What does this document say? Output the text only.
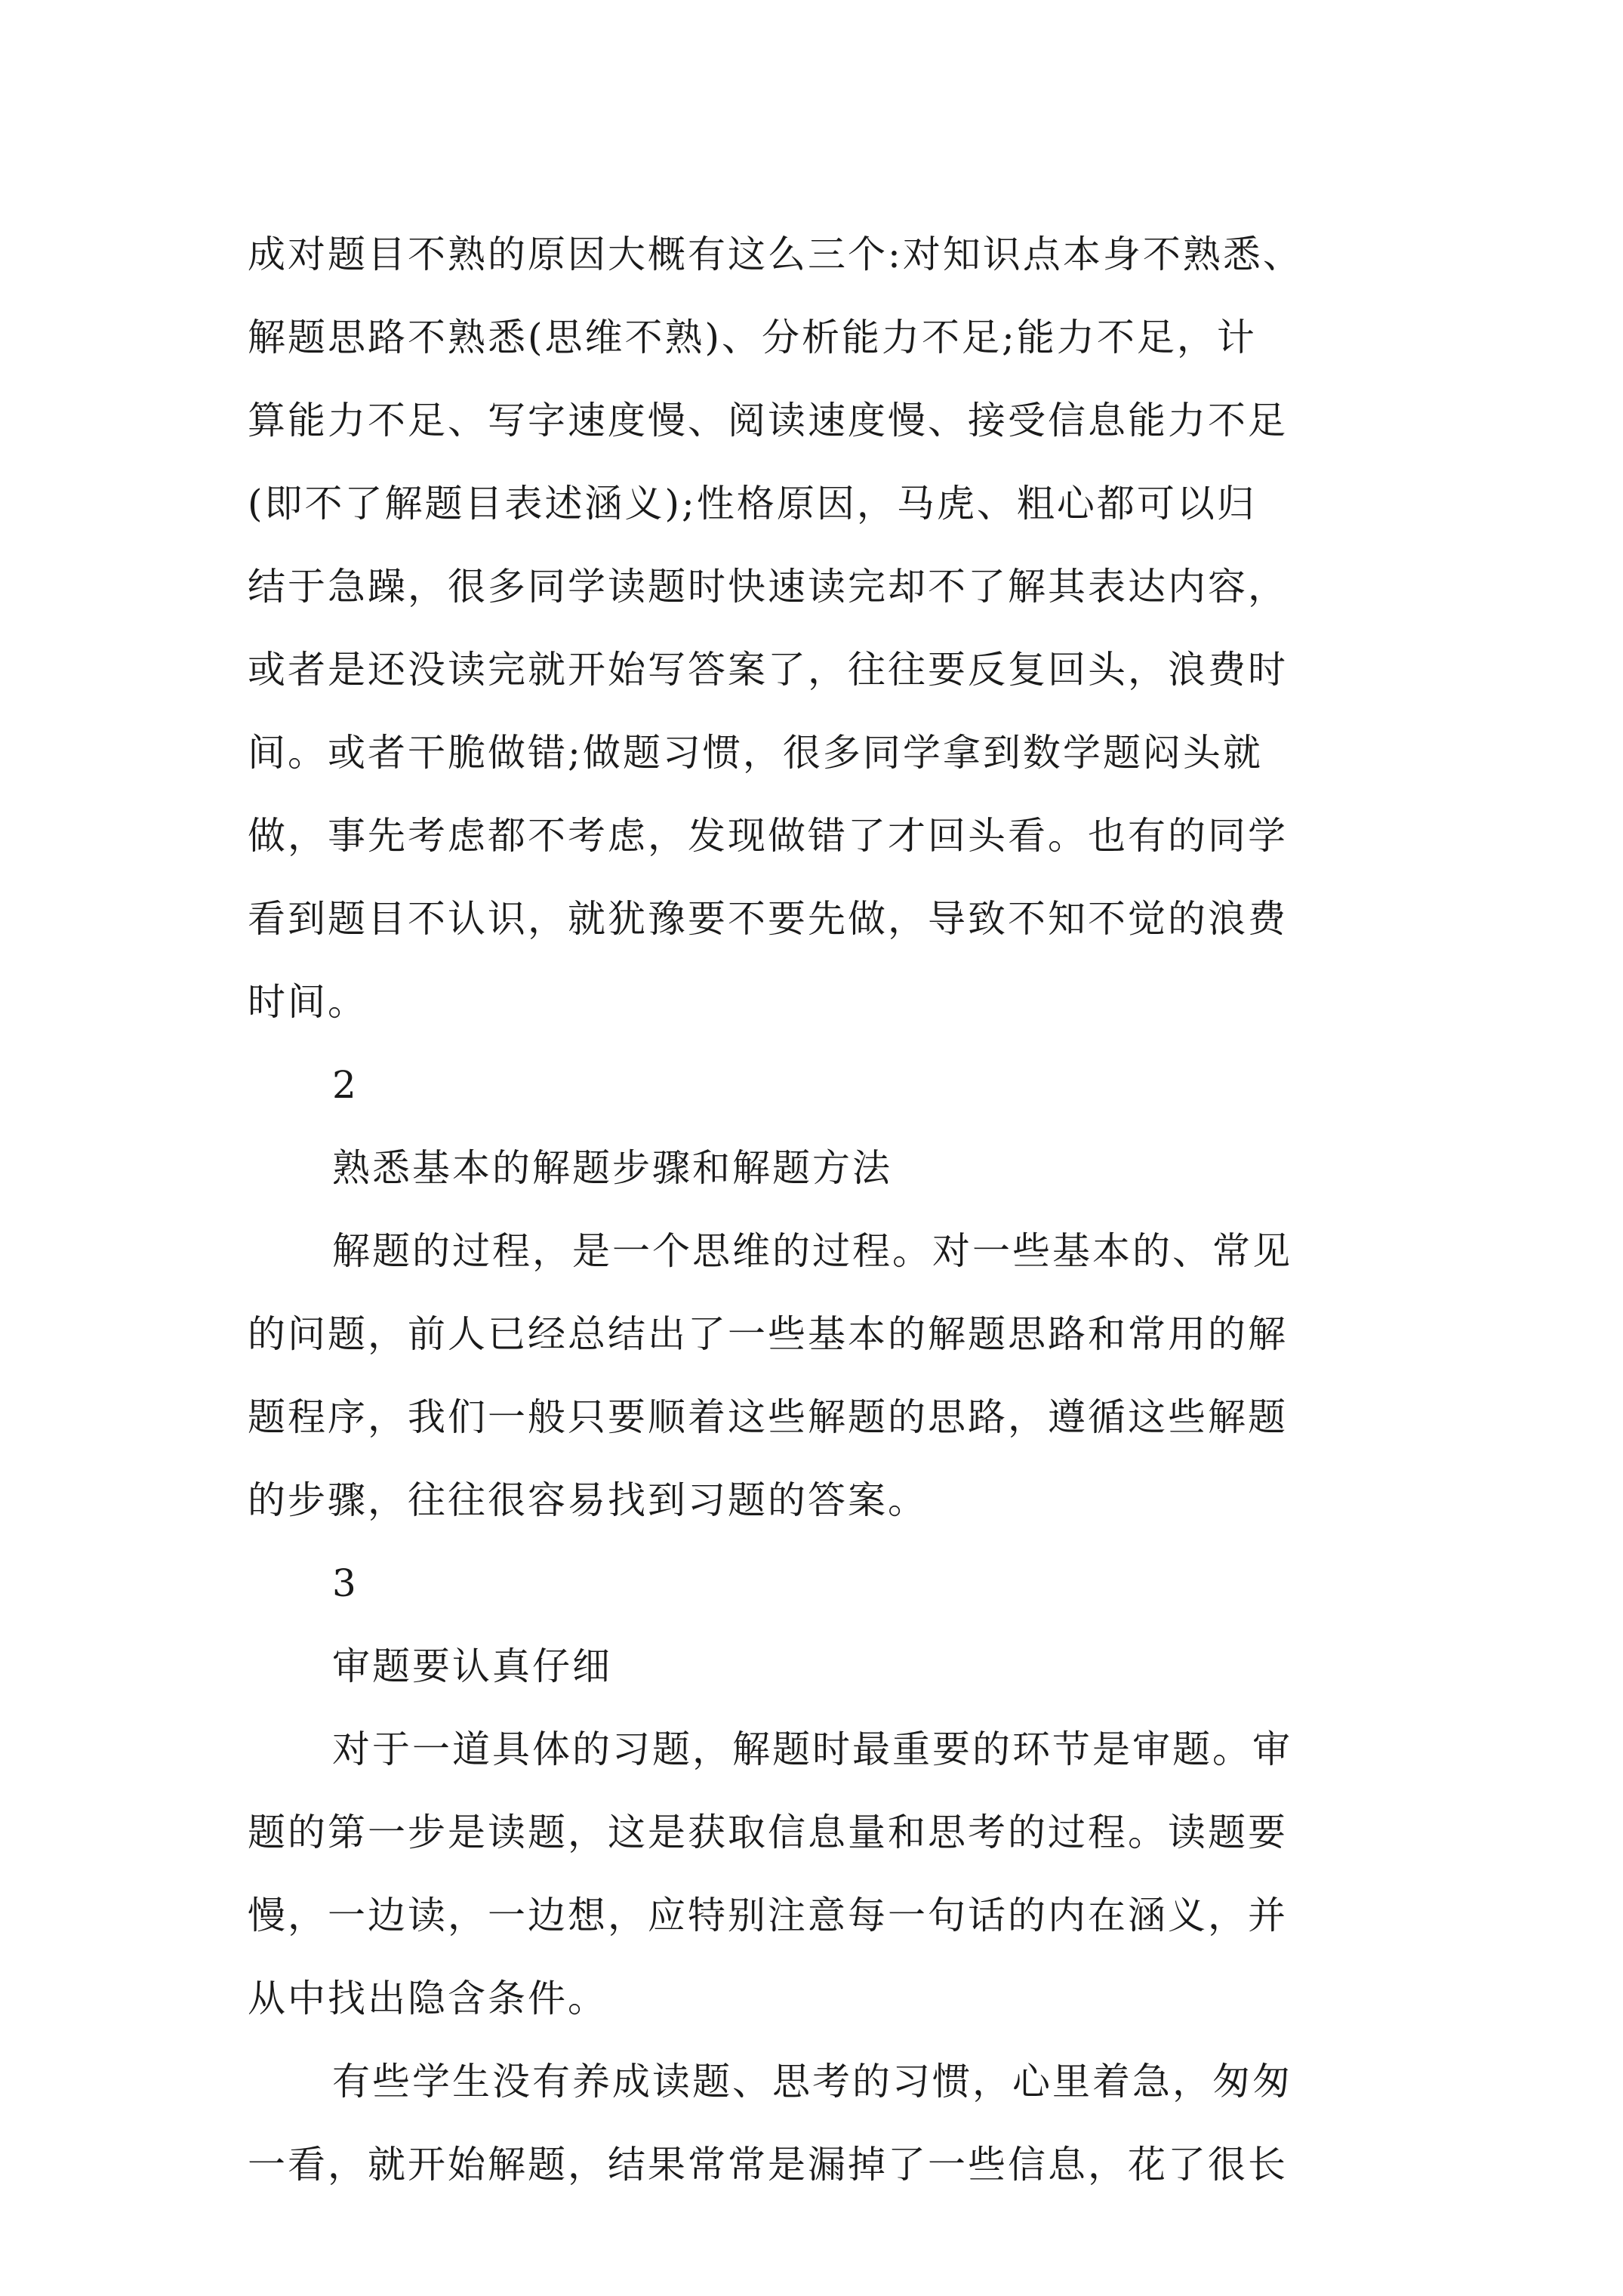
成对题目不熟的原因大概有这么三个:对知识点本身不熟悉、
解题思路不熟悉(思维不熟)、分析能力不足;能力不足，计
算能力不足、写字速度慢、阅读速度慢、接受信息能力不足
(即不了解题目表述涵义);性格原因，马虎、粗心都可以归
结于急躁，很多同学读题时快速读完却不了解其表达内容，
或者是还没读完就开始写答案了，往往要反复回头，浪费时
间。或者干脆做错;做题习惯，很多同学拿到数学题闷头就
做，事先考虑都不考虑，发现做错了才回头看。也有的同学
看到题目不认识，就犹豫要不要先做，导致不知不觉的浪费
时间。
2
熟悉基本的解题步骤和解题方法
解题的过程，是一个思维的过程。对一些基本的、常见
的问题，前人已经总结出了一些基本的解题思路和常用的解
题程序，我们一般只要顺着这些解题的思路，遵循这些解题
的步骤，往往很容易找到习题的答案。
3
审题要认真仔细
对于一道具体的习题，解题时最重要的环节是审题。审
题的第一步是读题，这是获取信息量和思考的过程。读题要
慢，一边读，一边想，应特别注意每一句话的内在涵义，并
从中找出隐含条件。
有些学生没有养成读题、思考的习惯，心里着急，匆匆
一看，就开始解题，结果常常是漏掉了一些信息，花了很长
